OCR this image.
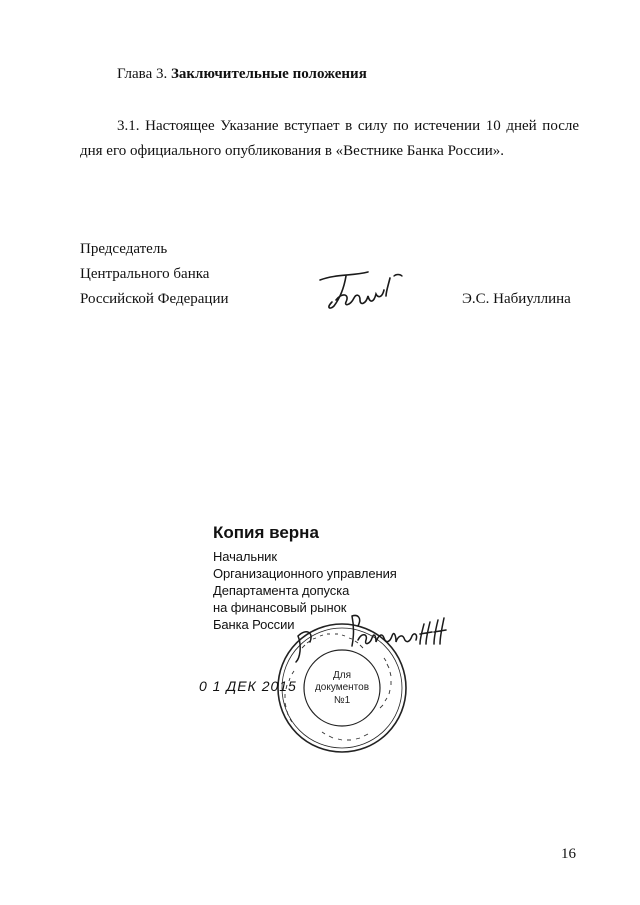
Глава 3. Заключительные положения
3.1. Настоящее Указание вступает в силу по истечении 10 дней после
дня его официального опубликования в «Вестнике Банка России».
Председатель
Центрального банка
Российской Федерации	Э.С. Набиуллина
Копия верна
Начальник
Организационного управления
Департамента допуска
на финансовый рынок
Банка России
Для
документов
№1
0 1 ДЕК 2015
16
